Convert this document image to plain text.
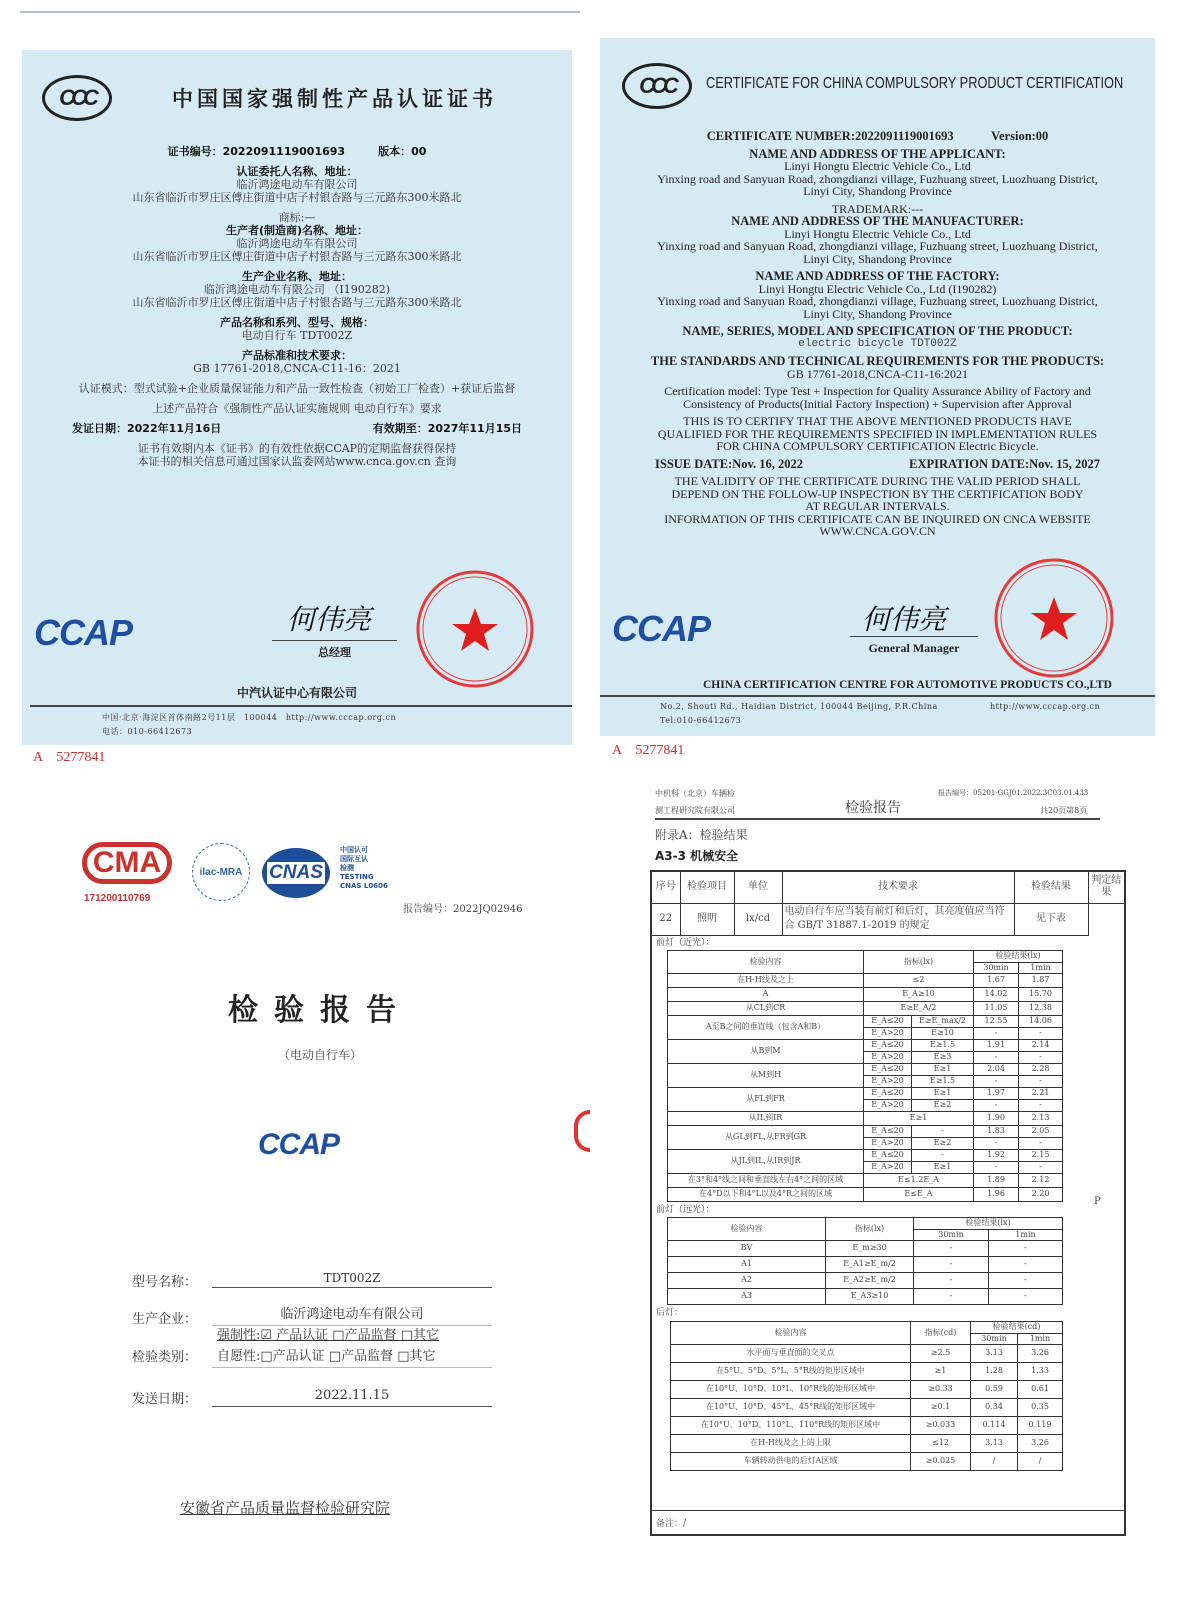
CCC	中国国家强制性产品认证证书
证书编号：2022091119001693　　　	版本：00
认证委托人名称、地址：
临沂鸿途电动车有限公司
山东省临沂市罗庄区傅庄街道中店子村银杏路与三元路东300米路北
商标:—
生产者(制造商)名称、地址：
临沂鸿途电动车有限公司
山东省临沂市罗庄区傅庄街道中店子村银杏路与三元路东300米路北
生产企业名称、地址：
临沂鸿途电动车有限公司 （I190282)
山东省临沂市罗庄区傅庄街道中店子村银杏路与三元路东300米路北
产品名称和系列、型号、规格：
电动自行车 TDT002Z
产品标准和技术要求：
GB 17761-2018,CNCA-C11-16：2021
认证模式：型式试验+企业质量保证能力和产品一致性检查（初始工厂检查）+获证后监督
上述产品符合《强制性产品认证实施规则 电动自行车》要求
发证日期：2022年11月16日	有效期至：2027年11月15日
证书有效期内本《证书》的有效性依据CCAP的定期监督获得保持
本证书的相关信息可通过国家认监委网站www.cnca.gov.cn 查询
CCAP	何伟亮
总经理
中汽认证中心有限公司
中国·北京·海淀区首体南路2号11层　100044　http://www.cccap.org.cn
电话：010-66412673
A　5277841
CCC	CERTIFICATE FOR CHINA COMPULSORY PRODUCT CERTIFICATION
CERTIFICATE NUMBER:2022091119001693　　　	Version:00
NAME AND ADDRESS OF THE APPLICANT:
Linyi Hongtu Electric Vehicle Co., Ltd
Yinxing road and Sanyuan Road, zhongdianzi village, Fuzhuang street, Luozhuang District,
Linyi City, Shandong Province
TRADEMARK:---
NAME AND ADDRESS OF THE MANUFACTURER:
Linyi Hongtu Electric Vehicle Co., Ltd
Yinxing road and Sanyuan Road, zhongdianzi village, Fuzhuang street, Luozhuang District,
Linyi City, Shandong Province
NAME AND ADDRESS OF THE FACTORY:
Linyi Hongtu Electric Vehicle Co., Ltd (I190282)
Yinxing road and Sanyuan Road, zhongdianzi village, Fuzhuang street, Luozhuang District,
Linyi City, Shandong Province
NAME, SERIES, MODEL AND SPECIFICATION OF THE PRODUCT:
electric bicycle TDT002Z
THE STANDARDS AND TECHNICAL REQUIREMENTS FOR THE PRODUCTS:
GB 17761-2018,CNCA-C11-16:2021
Certification model: Type Test + Inspection for Quality Assurance Ability of Factory and
Consistency of Products(Initial Factory Inspection) + Supervision after Approval
THIS IS TO CERTIFY THAT THE ABOVE MENTIONED PRODUCTS HAVE
QUALIFIED FOR THE REQUIREMENTS SPECIFIED IN IMPLEMENTATION RULES
FOR CHINA COMPULSORY CERTIFICATION Electric Bicycle.
ISSUE DATE:Nov. 16, 2022	EXPIRATION DATE:Nov. 15, 2027
THE VALIDITY OF THE CERTIFICATE DURING THE VALID PERIOD SHALL
DEPEND ON THE FOLLOW-UP INSPECTION BY THE CERTIFICATION BODY
AT REGULAR INTERVALS.
INFORMATION OF THIS CERTIFICATE CAN BE INQUIRED ON CNCA WEBSITE
WWW.CNCA.GOV.CN
CCAP	何伟亮
General Manager
CHINA CERTIFICATION CENTRE FOR AUTOMOTIVE PRODUCTS CO.,LTD
No.2, Shouti Rd., Haidian District, 100044 Beijing, P.R.China	http://www.cccap.org.cn
Tel:010-66412673
A　5277841
CMA
171200110769
ilac-MRA	CNAS
中国认可
国际互认
检测
TESTING
CNAS L0606
报告编号：2022JQ02946
检验报告
（电动自行车）
CCAP
型号名称：	TDT002Z
生产企业：	临沂鸿途电动车有限公司
强制性:☑ 产品认证 □产品监督 □其它
检验类别： 自愿性:□产品认证 □产品监督 □其它
发送日期：	2022.11.15
安徽省产品质量监督检验研究院
中机科（北京）车辆检
测工程研究院有限公司	检验报告
报告编号：05201-GGJ01.2022.3C03.01.433
共20页第8页
附录A：检验结果
A3-3 机械安全
序号	检验项目	单位	技术要求	检验结果	判定结果
22	照明	lx/cd	电动自行车应当装有前灯和后灯，其亮度值应当符合 GB/T 31887.1-2019 的规定	见下表	
前灯（近光）：
检验内容	指标(lx)		检验结果(lx)	
			30min	1min
在H-H线及之上	≤2		1.67	1.87
A	E_A≥10		14.02	15.70
从CL到CR	E≥E_A/2		11.05	12.38
A至B之间的垂直线（包含A和B）	E_A≤20	E≥E_max/2	12.55	14.06
	E_A>20	E≥10	-	-
从B到M	E_A≤20	E≥1.5	1.91	2.14
	E_A>20	E≥3	-	-
从M到H	E_A≤20	E≥1	2.04	2.28
	E_A>20	E≥1.5	-	-
从FL到FR	E_A≤20	E≥1	1.97	2.21
	E_A>20	E≥2	-	-
从IL到IR	E≥1		1.90	2.13
从GL到FL,从FR到GR	E_A≤20	-	1.83	2.05
	E_A>20	E≥2	-	-
从JL到IL,从IR到JR	E_A≤20	-	1.92	2.15
	E_A>20	E≥1	-	-
在3°和4°线之间和垂直线左右4°之间的区域	E≤1.2E_A		1.89	2.12
在4°D以下和4°L以及4°R之间的区域	E≤E_A		1.96	2.20
前灯（远光）：
检验内容	指标(lx)	检验结果(lx)	
		30min	1min
BV	E_m≥30	-	-
A1	E_A1≥E_m/2	-	-
A2	E_A2≥E_m/2	-	-
A3	E_A3≥10	-	-
后灯：
检验内容	指标(cd)	检验结果(cd)	
		30min	1min
水平面与垂直面的交叉点	≥2.5	3.13	3.26
在5°U、5°D、5°L、5°R线的矩形区域中	≥1	1.28	1.33
在10°U、10°D、10°L、10°R线的矩形区域中	≥0.33	0.59	0.61
在10°U、10°D、45°L、45°R线的矩形区域中	≥0.1	0.34	0.35
在10°U、10°D、110°L、110°R线的矩形区域中	≥0.033	0.114	0.119
在H-H线及之上的上限	≤12	3.13	3.26
车辆转动供电的后灯A区域	≥0.025	/	/
P
备注：/
